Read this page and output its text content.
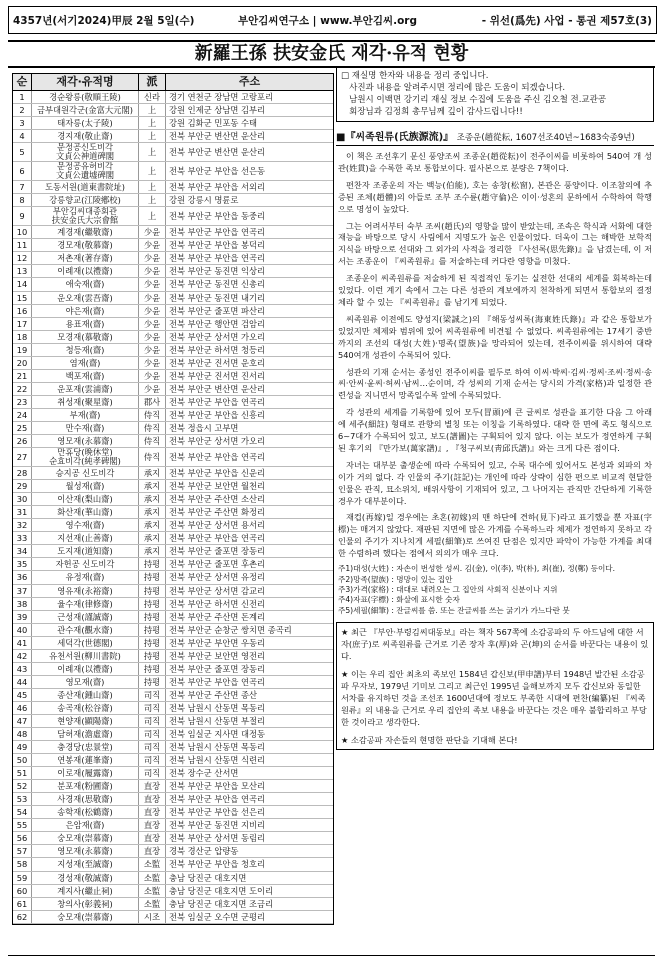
4357년(서기2024)甲辰 2월 5일(수)	부안김씨연구소 | www.부안김씨.org	- 위선(爲先) 사업 - 통권 제57호(3)
新羅王孫 扶安金氏 재각·유적 현황
순	재각·유적명	派	주소
1	경순왕릉(敬順王陵)	신라	경기 연천군 장남면 고랑포리
2	금부대원각군(金富大元閣)	上	강원 인제군 상남면 김부리
3	태자릉(太子陵)	上	강원 김화군 민포동 수태
4	경지재(敬止齋)	上	전북 부안군 변산면 운산리
5	문정공신도비각
文貞公神道碑閣	上	전북 부안군 변산면 운산리
6	문정공유허비각
文貞公遺墟碑閣	上	전북 부안군 부안읍 선은동
7	도동서원(道東書院址)	上	전북 부안군 부안읍 서외리
8	강릉향교(江陵鄕校)	上	강원 강릉시 명륜로
9	부안김씨대종회관
扶安金氏大宗會館	上	전북 부안군 부안읍 동중리
10	계경재(繼敬齋)	少윤	전북 부안군 부안읍 연곡리
11	경모재(敬慕齋)	少윤	전북 부안군 부안읍 봉덕리
12	저촌재(著存齋)	少윤	전북 부안군 부안읍 연곡리
13	이례재(以禮齋)	少윤	전북 부안군 동진면 익상리
14	애숙재(齋)	少윤	전북 부안군 동진면 신총리
15	운오재(雲吾齋)	少윤	전북 부안군 동진면 내기리
16	야은재(齋)	少윤	전북 부안군 줄포면 파산리
17	용표재(齋)	少윤	전북 부안군 행안면 검암리
18	모경재(慕敬齋)	少윤	전북 부안군 상서면 가오리
19	청등재(齋)	少윤	전북 부안군 하서면 청등리
20	염재(齋)	少윤	전북 부안군 진서면 운호리
21	백포재(齋)	少윤	전북 부안군 진서면 진서리
22	운포재(雲浦齋)	少윤	전북 부안군 변산면 운산리
23	취성재(聚星齋)	郡사	전북 부안군 부안읍 연곡리
24	부재(齋)	侍직	전북 부안군 부안읍 신흥리
25	만수재(齋)	侍직	전북 정읍시 고부면
26	영모재(永慕齋)	侍직	전북 부안군 상서면 가오리
27	만휴당(晩休堂)
순효비각(純孝碑閣)	侍직	전북 부안군 부안읍 연곡리
28	승지공 신도비각	承지	전북 부안군 부안읍 신운리
29	월성재(齋)	承지	전북 부안군 보안면 월천리
30	이산재(梨山齋)	承지	전북 부안군 주산면 소산리
31	화산재(華山齋)	承지	전북 부안군 주산면 화정리
32	영수재(齋)	承지	전북 부안군 상서면 용서리
33	지선재(止善齋)	承지	전북 부안군 부안읍 연곡리
34	도지재(道知齋)	承지	전북 부안군 줄포면 장동리
35	자헌공 신도비각	持평	전북 부안군 줄포면 후촌리
36	유정재(齋)	持평	전북 부안군 상서면 유정리
37	영유재(永裕齋)	持평	전북 부안군 상서면 감교리
38	율수재(律修齋)	持평	전북 부안군 하서면 신전리
39	근성재(謹誠齋)	持평	전북 부안군 주산면 돈계리
40	관수재(觀水齋)	持평	전북 부안군 순창군 쌍치면 종곡리
41	세덕각(世德閣)	持평	전북 부안군 부안면 우동리
42	유천서원(柳川書院)	持평	전북 부안군 보안면 영전리
43	이례재(以禮齋)	持평	전북 부안군 줄포면 장동리
44	영모재(齋)	持평	전북 부안군 부안읍 연곡리
45	종산재(鍾山齋)	司직	전북 부안군 주산면 종산
46	송곡재(松谷齋)	司직	전북 남원시 산동면 목동리
47	현양재(顯陽齋)	司직	전북 남원시 산동면 부절리
48	담허재(澹虛齋)	司직	전북 임실군 지사면 대정동
49	충경당(忠景堂)	司직	전북 남원시 산동면 목동리
50	연봉재(蓮峯齋)	司직	전북 남원시 산동면 식련리
51	이로재(履露齋)	司직	전북 장수군 산서면
52	분포재(粉圃齋)	直장	전북 부안군 부안읍 모산리
53	사경재(思敬齋)	直장	전북 부안군 부안읍 연곡리
54	송학재(松鶴齋)	直장	전북 부안군 부안읍 선은리
55	은암재(齋)	直장	전북 부안군 동진면 지비리
56	숭모재(崇慕齋)	直장	전북 부안군 상서면 동림리
57	영모재(永慕齋)	直장	경북 경산군 압량동
58	지성재(至誠齋)	소監	전북 부안군 부안읍 청호리
59	경성재(敬誠齋)	소監	충남 당진군 대호지면
60	계지사(繼止祠)	소監	충남 당진군 대호지면 도이리
61	창의사(彰義祠)	소監	충남 당진군 대호지면 조금리
62	숭모재(崇慕齋)	시조	전북 임실군 오수면 군평리
□ 재실명 한자와 내용을 정리 중입니다.
사진과 내용을 알려주시면 정리에 많은 도움이 되겠습니다.
남원시 이백면 강기리 재실 정보 수집에 도움을 주신 김오철 전.교관공
회장님과 김정희 총무님께 깊이 감사드립니다!!
■『씨족원류(氏族源流)』 조종운(趙從耘, 1607선조40년~1683숙종9년)

이 책은 조선후기 문신 풍양조씨 조종운(趙從耘)이 전주이씨를 비롯하여 540여 개 성관(姓貫)을 수록한 족보 통합보이다. 필사본으로 분량은 7책이다.

편찬자 조종운의 자는 백능(伯能), 호는 송창(松窗), 본관은 풍양이다. 이조참의에 추증된 조체(趙體)의 아들로 조부 조수륜(趙守倫)은 이이·성혼의 문하에서 수학하여 학행으로 명성이 높았다.

그는 어려서부터 숙부 조씨(趙氏)의 영향을 많이 받았는데, 조속은 학식과 서화에 대한 재능을 바탕으로 당시 사림에서 지명도가 높은 인물이었다. 더욱이 그는 해박한 보학적 지식을 바탕으로 선대와 그 외가의 사적을 정리한 『사선록(思先錄)』을 남겼는데, 이 저서는 조종운이 『씨족원류』를 저술하는데 커다란 영향을 미쳤다.

조종운이 씨족원류를 저술하게 된 직접적인 동기는 실전한 선대의 세계를 회복하는데 있었다. 이런 계기 속에서 그는 다른 성관의 계보에까지 천착하게 되면서 통합보의 결정체라 할 수 있는 『씨족원류』를 남기게 되었다.

씨족원류 이전에도 양성지(梁誠之)의 『해동성씨록(海東姓氏錄)』과 같은 통합보가 있었지만 체제와 범위에 있어 씨족원류에 비견될 수 없었다. 씨족원류에는 17세기 중반까지의 조선의 대성(大姓)·명족(望族)을 망라되어 있는데, 전주이씨를 위시하여 대략 540여개 성관이 수록되어 있다.

성관의 기재 순서는 종성인 전주이씨를 필두로 하여 이씨·박씨·김씨·정씨·조씨·정씨·송씨·안씨·윤씨·허씨·남씨…순이며, 각 성씨의 기재 순서는 당시의 가격(家格)과 일정한 관련성을 지니면서 망족일수록 앞에 수록되었다.

각 성관의 세계를 기록함에 있어 모두(冒頭)에 큰 글씨로 성관을 표기한 다음 그 아래에 세주(細註) 형태로 관향의 별칭 또는 이칭을 기록하였다. 대략 한 면에 족도 형식으로 6~7대가 수록되어 있고, 보도(譜圖)는 구획되어 있지 않다. 이는 보도가 정연하게 구획된 후기의 『만가보(萬家譜)』, 『청구씨보(靑邱氏譜)』와는 크게 다른 점이다.

자녀는 대부분 출생순에 따라 수록되어 있고, 수록 대수에 있어서도 본성과 외파의 차이가 거의 없다. 각 인물의 주기(註記)는 개인에 따라 상략이 심한 편으로 비교적 현달한 인물은 관직, 묘소위치, 배위사항이 기재되어 있고, 그 나머지는 관직만 간단하게 기록한 경우가 대부분이다.

재컵(再嫁)일 경우에는 초혼(初嫁)의 맨 하단에 견하(見下)라고 표기했을 뿐 자표(字標)는 매겨지 않았다. 재판된 지면에 많은 가계를 수록하느라 체제가 정연하지 못하고 각 인물의 주기가 지나치게 세필(細筆)로 쓰여진 단점은 있지만 파악이 가능한 가계를 최대한 수렴하려 했다는 점에서 의의가 매우 크다.

주1)대성(大姓) : 자손이 번성한 성씨. 김(金), 이(李), 박(朴), 최(崔), 정(鄭) 등이다.
주2)망족(望族) : 명망이 있는 집안
주3)가격(家格) : 대대로 내려오는 그 집안의 사회적 신분이나 지위
주4)자표(字標) : 화살에 표시한 숫자
주5)세필(細筆) : 잔글씨를 씀. 또는 잔글씨를 쓰는 굵기가 가느다란 붓

★ 최근 『부안·부령김씨대동보』라는 책자 567쪽에 소감공파의 두 아드님에 대한 서자(庶子)로 씨족원류를 근거로 기존 장자 후(厚)와 곤(坤)의 순서를 바꾼다는 내용이 있다.

★ 이는 우리 집안 최초의 족보인 1584년 갑신보(甲申譜)부터 1948년 발간된 소감공파 무자보, 1979년 기미보 그리고 최근인 1995년 을해보까지 모두 갑신보와 동일한 서차를 유지하던 것을 조선조 1600년대에 정보도 부족한 시대에 편찬(編纂)된 『씨족원류』의 내용을 근거로 우리 집안의 족보 내용을 바꾼다는 것은 매우 불합리하고 부당한 것이라고 생각한다.

★ 소감공파 자손들의 현명한 판단을 기대해 본다!
